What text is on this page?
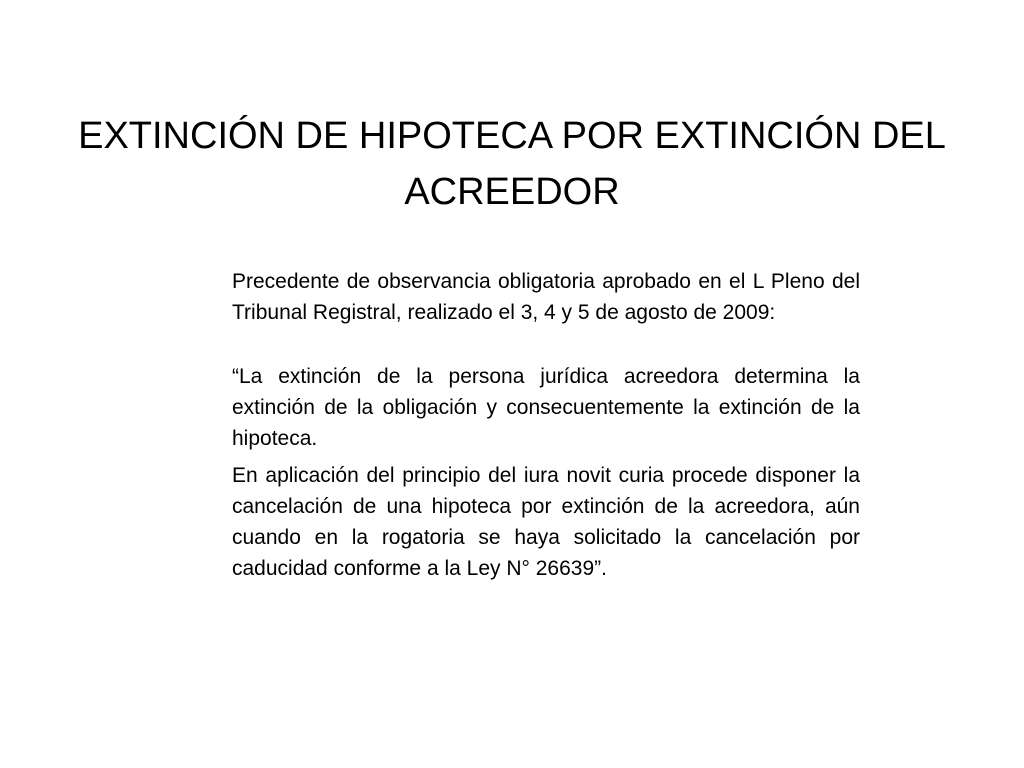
EXTINCIÓN DE HIPOTECA POR EXTINCIÓN DEL ACREEDOR

Precedente de observancia obligatoria aprobado en el L Pleno del Tribunal Registral, realizado el 3, 4 y 5 de agosto de 2009:

“La extinción de la persona jurídica acreedora determina la extinción de la obligación y consecuentemente la extinción de la hipoteca.

En aplicación del principio del iura novit curia procede disponer la cancelación de una hipoteca por extinción de la acreedora, aún cuando en la rogatoria se haya solicitado la cancelación por caducidad conforme a la Ley N° 26639”.
